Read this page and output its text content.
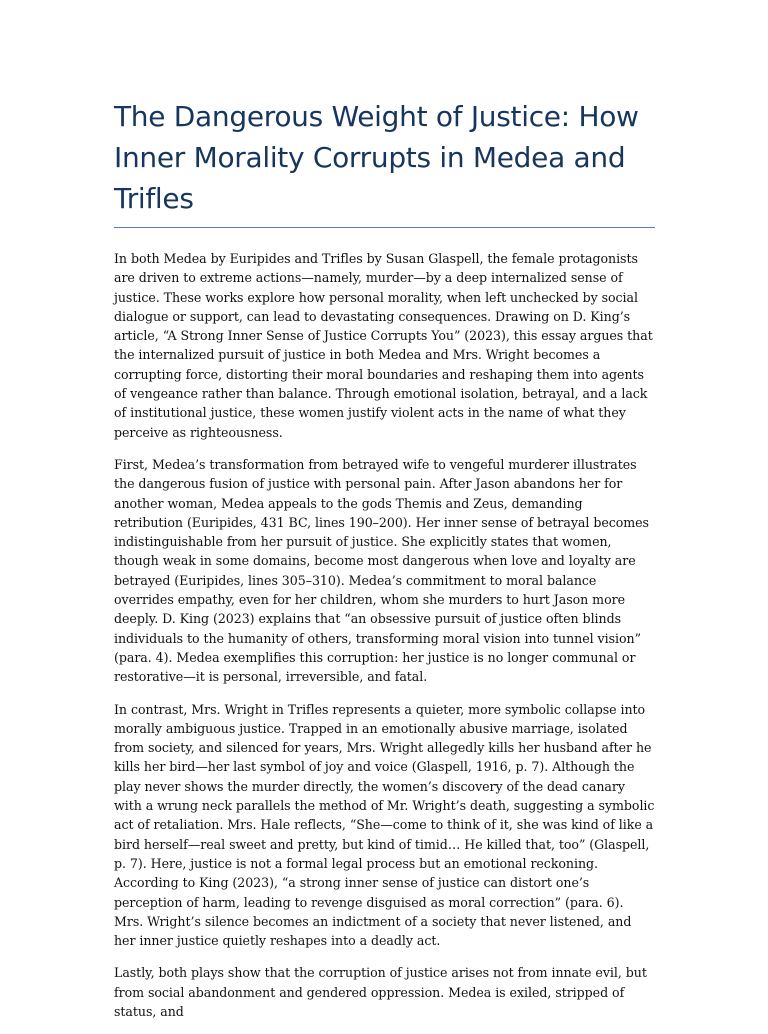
The Dangerous Weight of Justice: How Inner Morality Corrupts in Medea and Trifles

In both Medea by Euripides and Trifles by Susan Glaspell, the female protagonists are driven to extreme actions—namely, murder—by a deep internalized sense of justice. These works explore how personal morality, when left unchecked by social dialogue or support, can lead to devastating consequences. Drawing on D. King’s article, “A Strong Inner Sense of Justice Corrupts You” (2023), this essay argues that the internalized pursuit of justice in both Medea and Mrs. Wright becomes a corrupting force, distorting their moral boundaries and reshaping them into agents of vengeance rather than balance. Through emotional isolation, betrayal, and a lack of institutional justice, these women justify violent acts in the name of what they perceive as righteousness.

First, Medea’s transformation from betrayed wife to vengeful murderer illustrates the dangerous fusion of justice with personal pain. After Jason abandons her for another woman, Medea appeals to the gods Themis and Zeus, demanding retribution (Euripides, 431 BC, lines 190–200). Her inner sense of betrayal becomes indistinguishable from her pursuit of justice. She explicitly states that women, though weak in some domains, become most dangerous when love and loyalty are betrayed (Euripides, lines 305–310). Medea’s commitment to moral balance overrides empathy, even for her children, whom she murders to hurt Jason more deeply. D. King (2023) explains that “an obsessive pursuit of justice often blinds individuals to the humanity of others, transforming moral vision into tunnel vision” (para. 4). Medea exemplifies this corruption: her justice is no longer communal or restorative—it is personal, irreversible, and fatal.

In contrast, Mrs. Wright in Trifles represents a quieter, more symbolic collapse into morally ambiguous justice. Trapped in an emotionally abusive marriage, isolated from society, and silenced for years, Mrs. Wright allegedly kills her husband after he kills her bird—her last symbol of joy and voice (Glaspell, 1916, p. 7). Although the play never shows the murder directly, the women’s discovery of the dead canary with a wrung neck parallels the method of Mr. Wright’s death, suggesting a symbolic act of retaliation. Mrs. Hale reflects, “She—come to think of it, she was kind of like a bird herself—real sweet and pretty, but kind of timid… He killed that, too” (Glaspell, p. 7). Here, justice is not a formal legal process but an emotional reckoning. According to King (2023), “a strong inner sense of justice can distort one’s perception of harm, leading to revenge disguised as moral correction” (para. 6). Mrs. Wright’s silence becomes an indictment of a society that never listened, and her inner justice quietly reshapes into a deadly act.

Lastly, both plays show that the corruption of justice arises not from innate evil, but from social abandonment and gendered oppression. Medea is exiled, stripped of status, and
